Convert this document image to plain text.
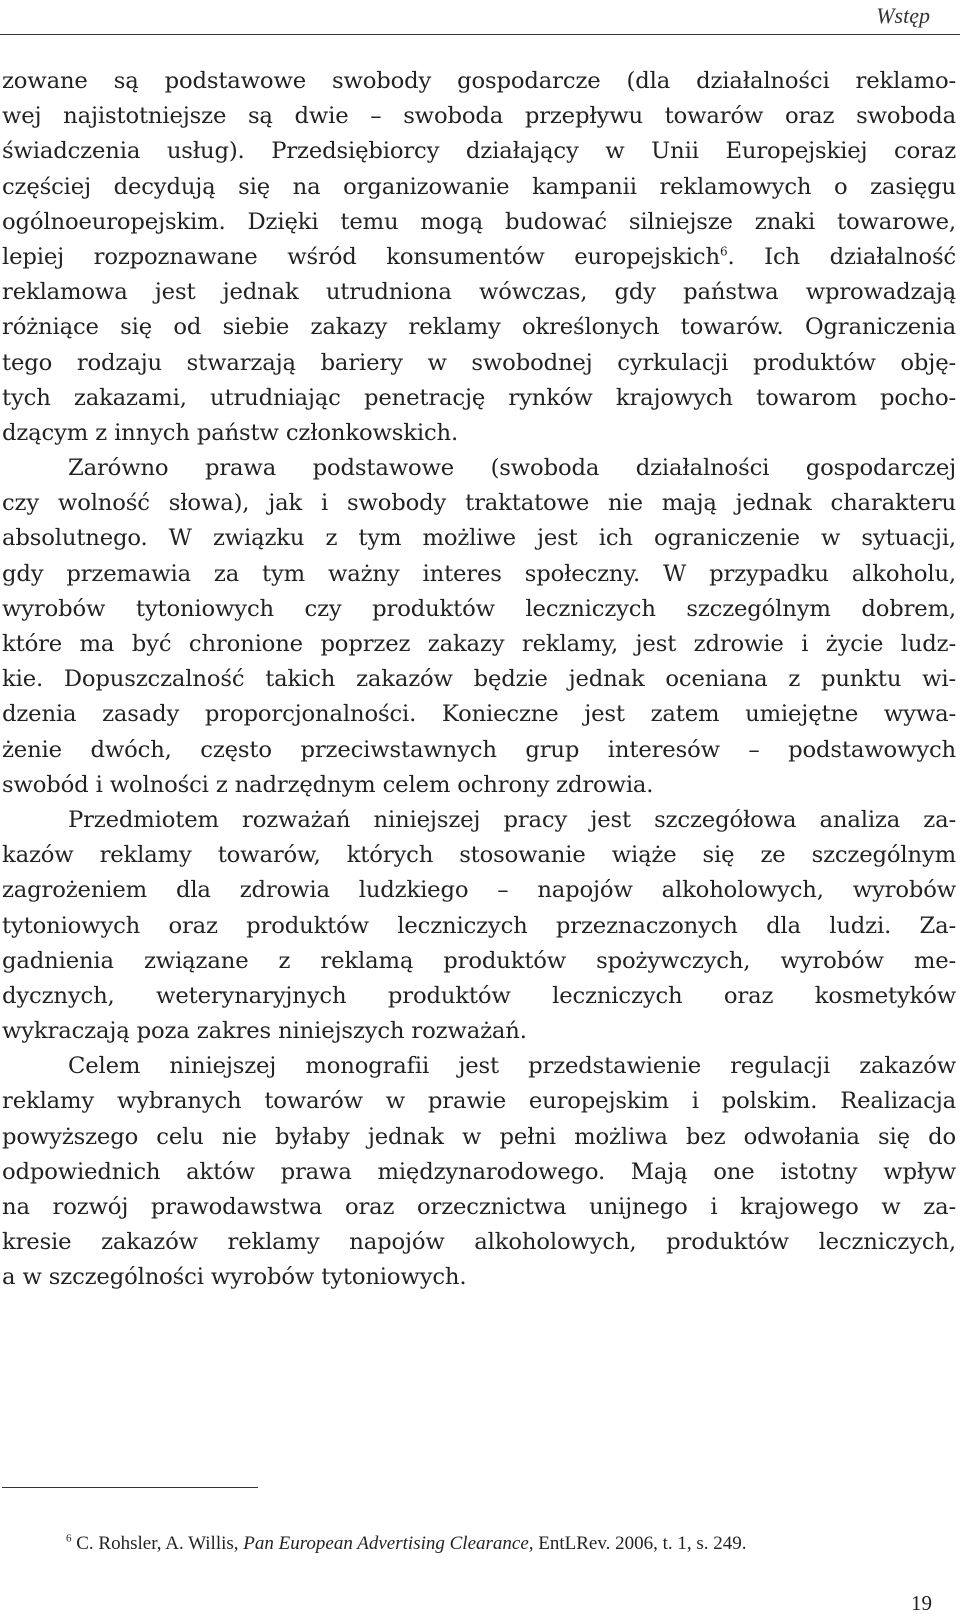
Wstęp
zowane są podstawowe swobody gospodarcze (dla działalności reklamo-
wej najistotniejsze są dwie – swoboda przepływu towarów oraz swoboda
świadczenia usług). Przedsiębiorcy działający w Unii Europejskiej coraz
częściej decydują się na organizowanie kampanii reklamowych o zasięgu
ogólnoeuropejskim. Dzięki temu mogą budować silniejsze znaki towarowe,
lepiej rozpoznawane wśród konsumentów europejskich$^6$. Ich działalność
reklamowa jest jednak utrudniona wówczas, gdy państwa wprowadzają
różniące się od siebie zakazy reklamy określonych towarów. Ograniczenia
tego rodzaju stwarzają bariery w swobodnej cyrkulacji produktów obję-
tych zakazami, utrudniając penetrację rynków krajowych towarom pocho-
dzącym z innych państw członkowskich.
Zarówno prawa podstawowe (swoboda działalności gospodarczej
czy wolność słowa), jak i swobody traktatowe nie mają jednak charakteru
absolutnego. W związku z tym możliwe jest ich ograniczenie w sytuacji,
gdy przemawia za tym ważny interes społeczny. W przypadku alkoholu,
wyrobów tytoniowych czy produktów leczniczych szczególnym dobrem,
które ma być chronione poprzez zakazy reklamy, jest zdrowie i życie ludz-
kie. Dopuszczalność takich zakazów będzie jednak oceniana z punktu wi-
dzenia zasady proporcjonalności. Konieczne jest zatem umiejętne wywa-
żenie dwóch, często przeciwstawnych grup interesów – podstawowych
swobód i wolności z nadrzędnym celem ochrony zdrowia.
Przedmiotem rozważań niniejszej pracy jest szczegółowa analiza za-
kazów reklamy towarów, których stosowanie wiąże się ze szczególnym
zagrożeniem dla zdrowia ludzkiego – napojów alkoholowych, wyrobów
tytoniowych oraz produktów leczniczych przeznaczonych dla ludzi. Za-
gadnienia związane z reklamą produktów spożywczych, wyrobów me-
dycznych, weterynaryjnych produktów leczniczych oraz kosmetyków
wykraczają poza zakres niniejszych rozważań.
Celem niniejszej monografii jest przedstawienie regulacji zakazów
reklamy wybranych towarów w prawie europejskim i polskim. Realizacja
powyższego celu nie byłaby jednak w pełni możliwa bez odwołania się do
odpowiednich aktów prawa międzynarodowego. Mają one istotny wpływ
na rozwój prawodawstwa oraz orzecznictwa unijnego i krajowego w za-
kresie zakazów reklamy napojów alkoholowych, produktów leczniczych,
a w szczególności wyrobów tytoniowych.
$^6$ C. Rohsler, A. Willis, Pan European Advertising Clearance, EntLRev. 2006, t. 1, s. 249.
19
